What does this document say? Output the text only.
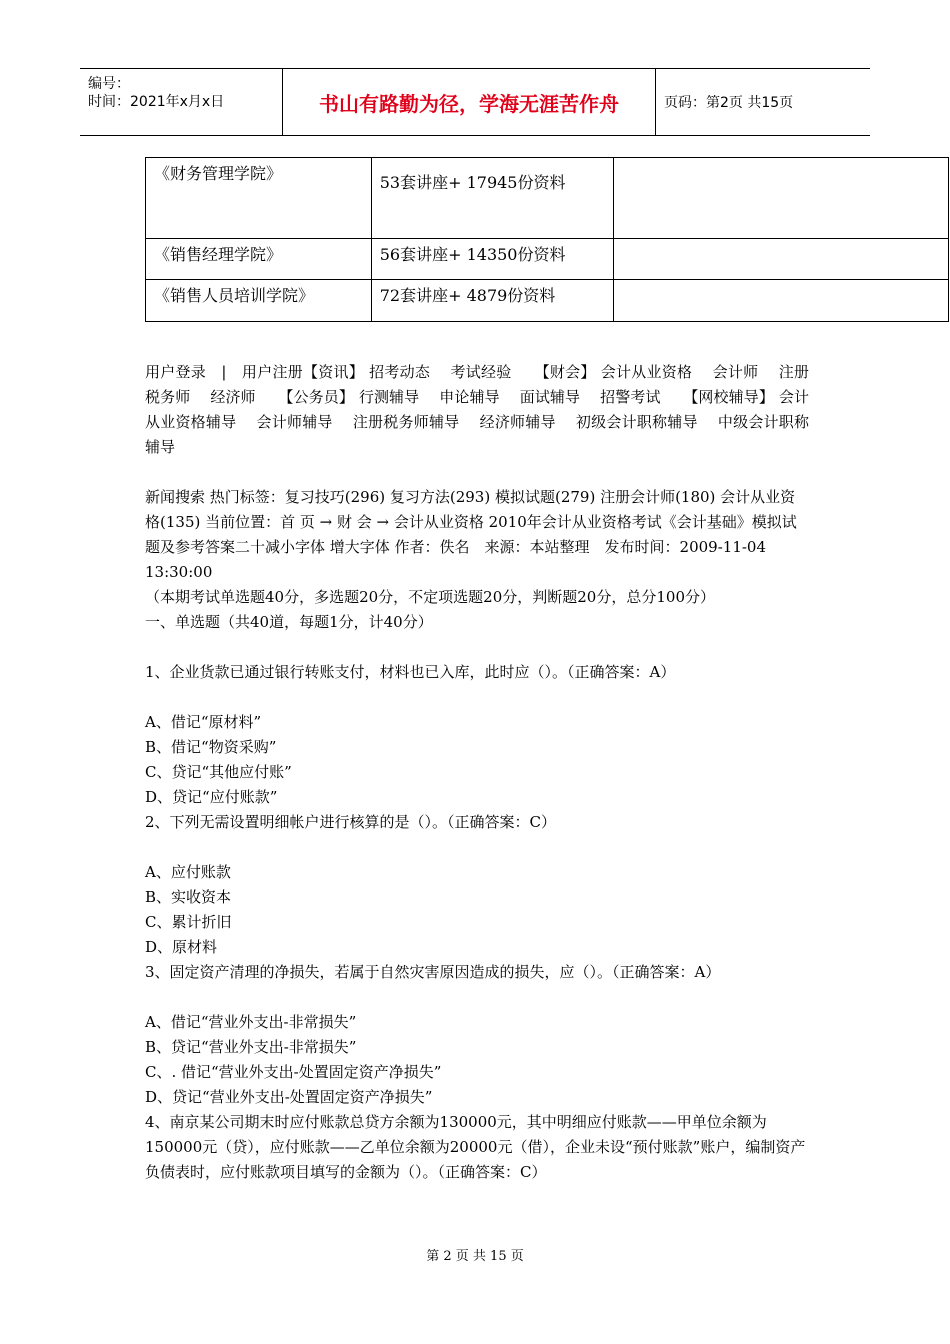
编号：
时间：2021年x月x日	书山有路勤为径，学海无涯苦作舟	页码：第2页 共15页
《财务管理学院》	53套讲座+ 17945份资料	
《销售经理学院》	56套讲座+ 14350份资料	
《销售人员培训学院》	72套讲座+ 4879份资料	

用户登录　|　用户注册【资讯】 招考动态　 考试经验　　【财会】 会计从业资格　 会计师　 注册税务师　 经济师　　【公务员】 行测辅导　 申论辅导　 面试辅导　 招警考试　　【网校辅导】 会计从业资格辅导　 会计师辅导　 注册税务师辅导　 经济师辅导　 初级会计职称辅导　 中级会计职称辅导

新闻搜索 热门标签：复习技巧(296) 复习方法(293) 模拟试题(279) 注册会计师(180) 会计从业资格(135) 当前位置：首 页 → 财 会 → 会计从业资格 2010年会计从业资格考试《会计基础》模拟试题及参考答案二十减小字体 增大字体 作者：佚名　来源：本站整理　发布时间：2009-11-04 13:30:00

（本期考试单选题40分，多选题20分，不定项选题20分，判断题20分，总分100分）

一、单选题（共40道，每题1分，计40分）

1、企业货款已通过银行转账支付，材料也已入库，此时应（）。（正确答案：A）

A、借记“原材料”

B、借记“物资采购”

C、贷记“其他应付账”

D、贷记“应付账款”

2、下列无需设置明细帐户进行核算的是（）。（正确答案：C）

A、应付账款

B、实收资本

C、累计折旧

D、原材料

3、固定资产清理的净损失，若属于自然灾害原因造成的损失，应（）。（正确答案：A）

A、借记“营业外支出-非常损失”

B、贷记“营业外支出-非常损失”

C、. 借记“营业外支出-处置固定资产净损失”

D、贷记“营业外支出-处置固定资产净损失”

4、南京某公司期末时应付账款总贷方余额为130000元，其中明细应付账款——甲单位余额为150000元（贷），应付账款——乙单位余额为20000元（借），企业未设“预付账款”账户，编制资产负债表时，应付账款项目填写的金额为（）。（正确答案：C）

第 2 页 共 15 页
